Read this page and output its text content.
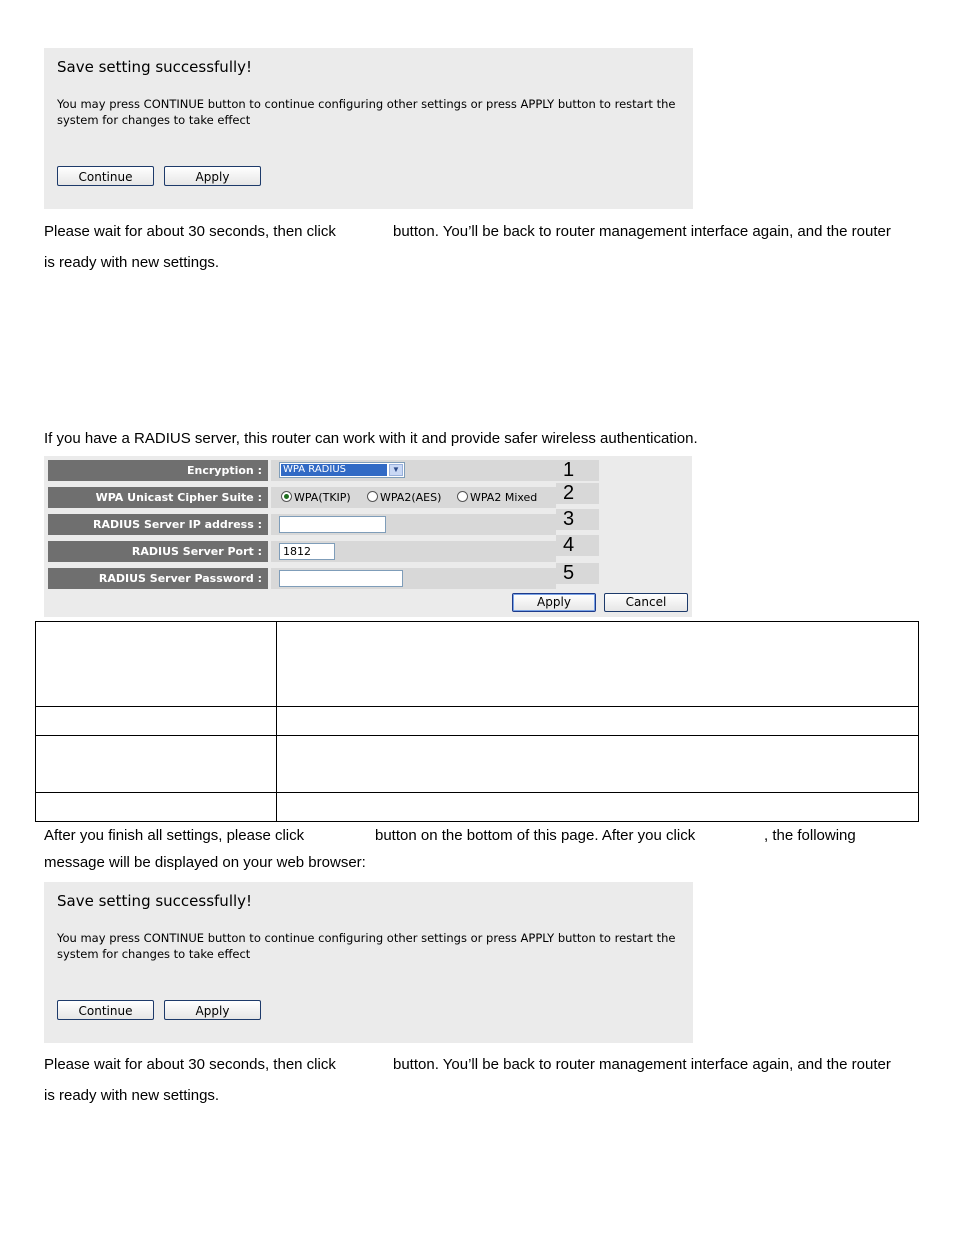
Save setting successfully!
You may press CONTINUE button to continue configuring other settings or press APPLY button to restart the system for changes to take effect
Continue	Apply
Please wait for about 30 seconds, then click	button. You’ll be back to router management interface again, and the router
is ready with new settings.
If you have a RADIUS server, this router can work with it and provide safer wireless authentication.
Encryption :	WPA RADIUS	▼	1
WPA Unicast Cipher Suite :	WPA(TKIP)	WPA2(AES)	WPA2 Mixed	2
RADIUS Server IP address :	3
RADIUS Server Port :	1812	4
RADIUS Server Password :	5
Apply	Cancel

After you finish all settings, please click	button on the bottom of this page. After you click	, the following
message will be displayed on your web browser:
Save setting successfully!
You may press CONTINUE button to continue configuring other settings or press APPLY button to restart the system for changes to take effect
Continue	Apply
Please wait for about 30 seconds, then click	button. You’ll be back to router management interface again, and the router
is ready with new settings.
